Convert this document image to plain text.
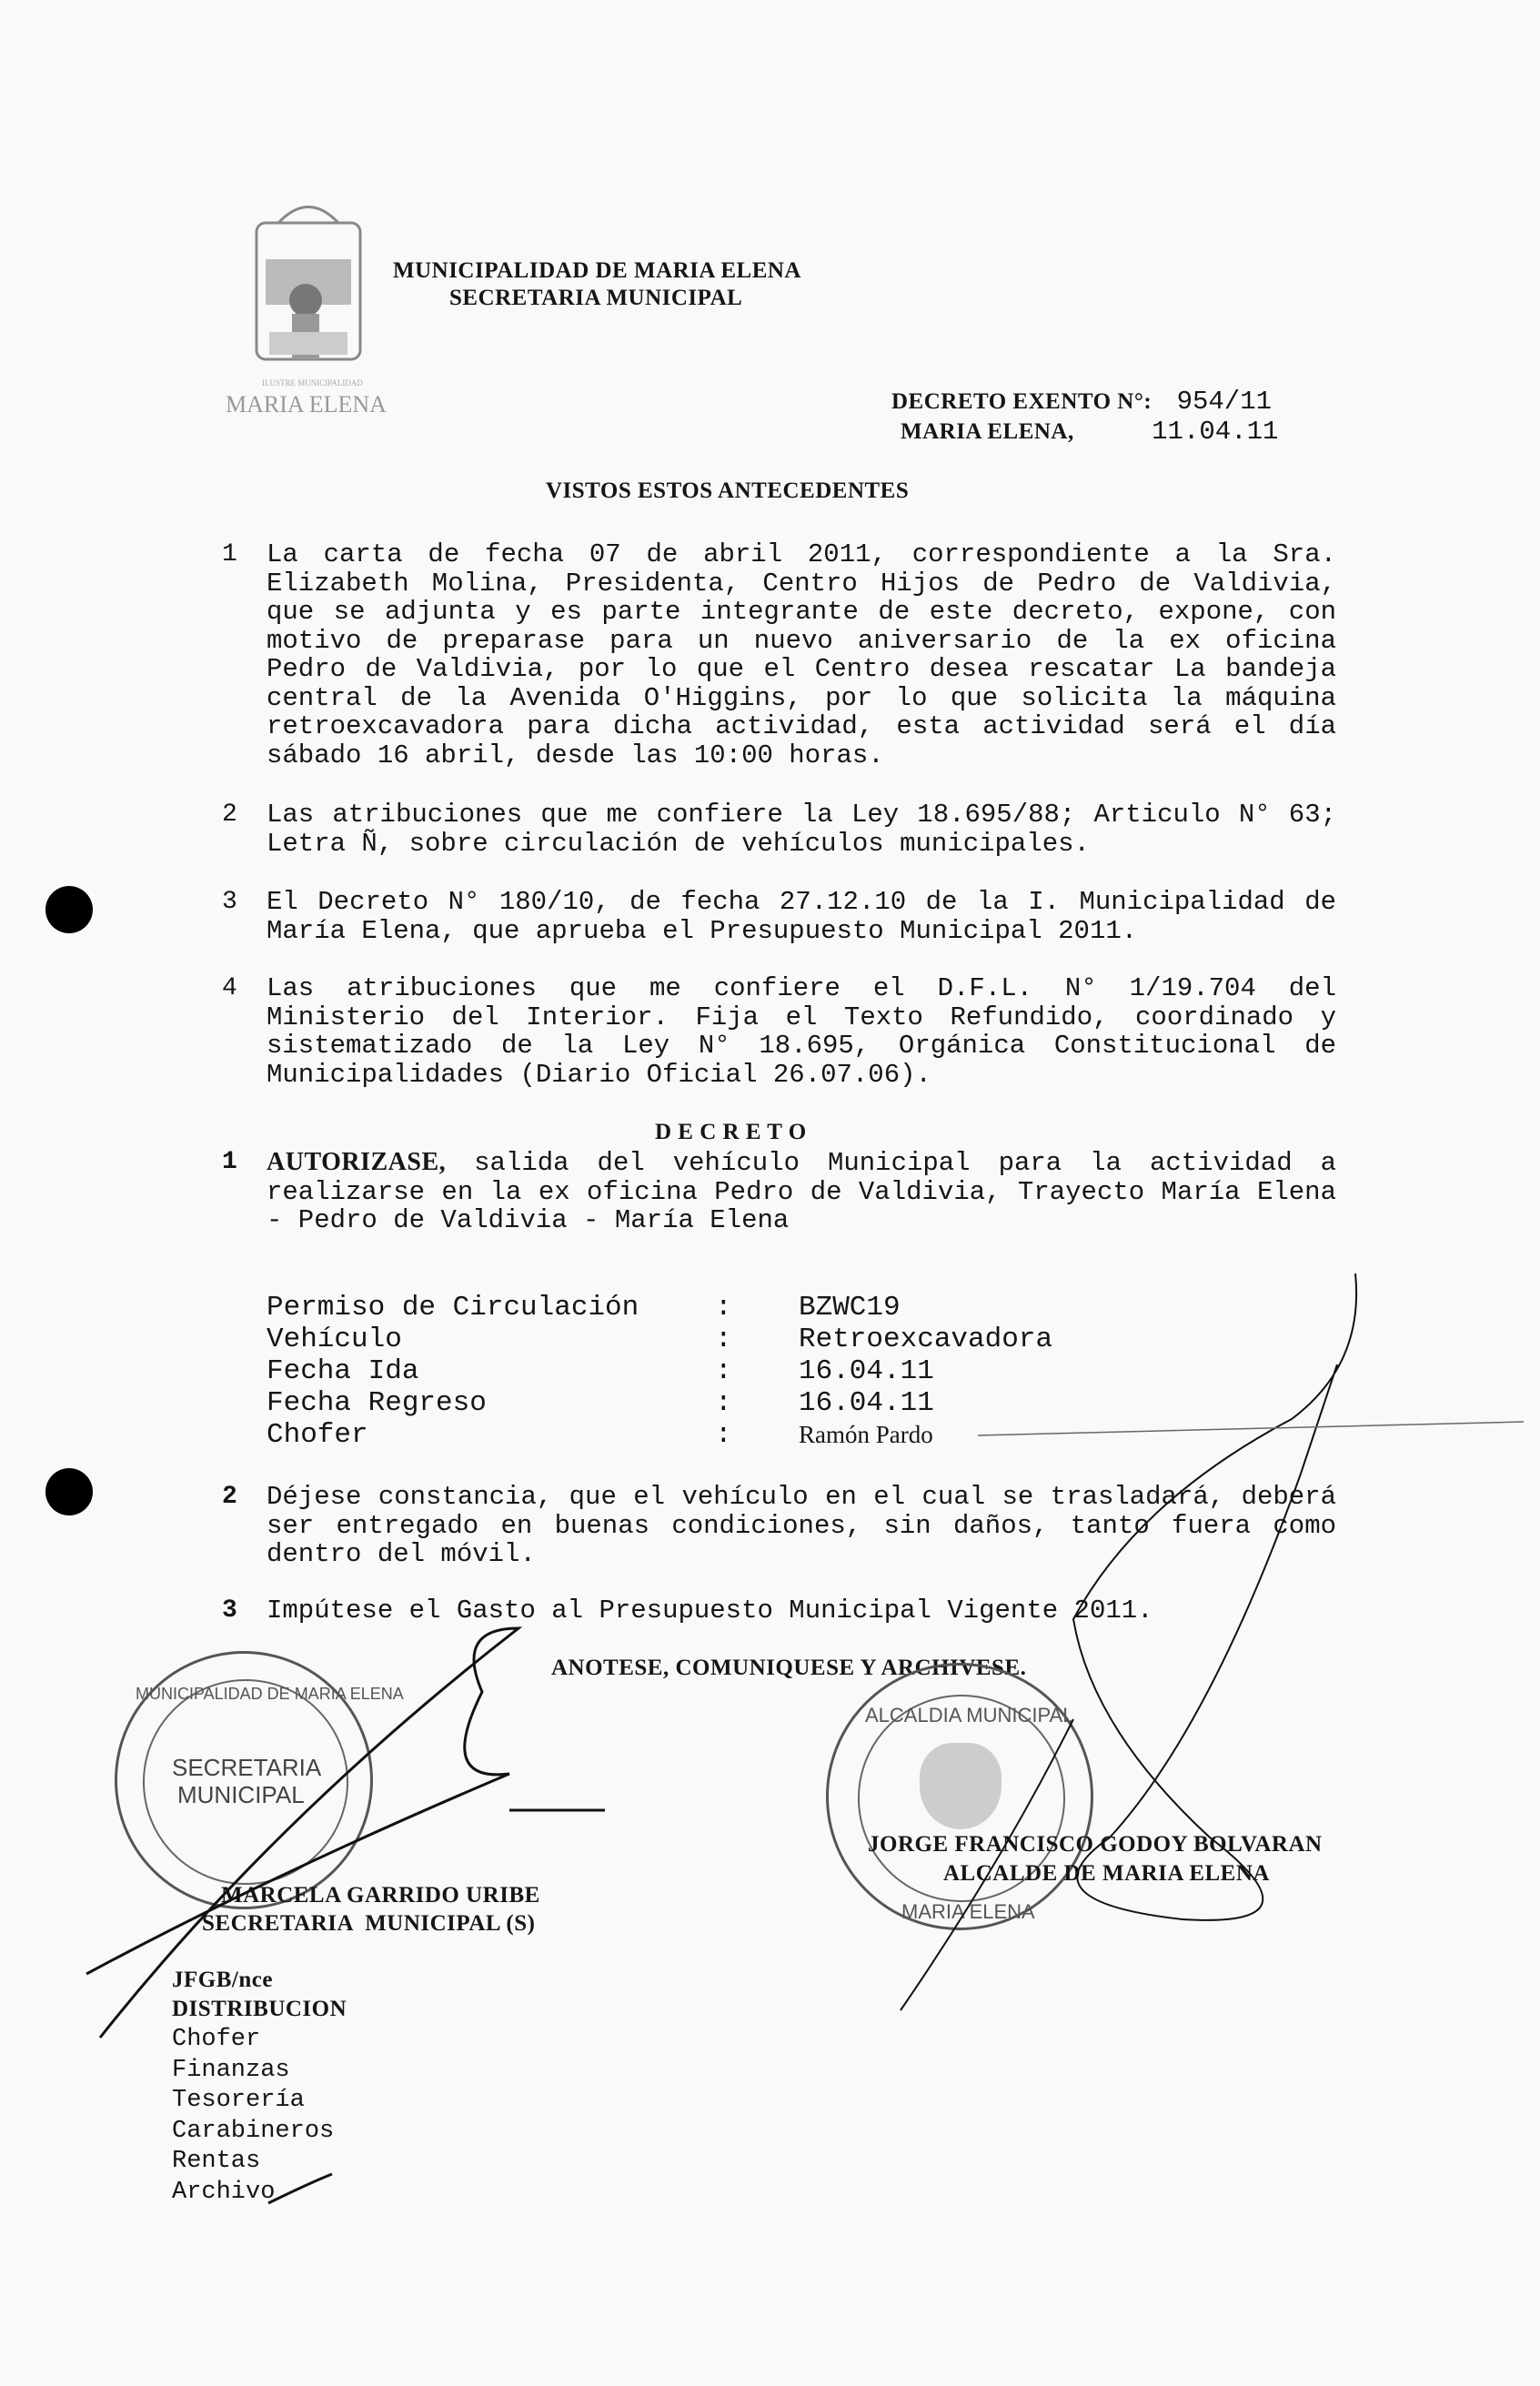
ILUSTRE MUNICIPALIDAD
MARIA ELENA
MUNICIPALIDAD DE MARIA ELENA
SECRETARIA MUNICIPAL
DECRETO EXENTO N°: 954/11
MARIA ELENA,	11.04.11
VISTOS ESTOS ANTECEDENTES
1 La carta de fecha 07 de abril 2011, correspondiente a la Sra. Elizabeth Molina, Presidenta, Centro Hijos de Pedro de Valdivia, que se adjunta y es parte integrante de este decreto, expone, con motivo de preparase para un nuevo aniversario de la ex oficina Pedro de Valdivia, por lo que el Centro desea rescatar La bandeja central de la Avenida O'Higgins, por lo que solicita la máquina retroexcavadora para dicha actividad, esta actividad será el día sábado 16 abril, desde las 10:00 horas.
2 Las atribuciones que me confiere la Ley 18.695/88; Articulo N° 63; Letra Ñ, sobre circulación de vehículos municipales.
3 El Decreto N° 180/10, de fecha 27.12.10 de la I. Municipalidad de María Elena, que aprueba el Presupuesto Municipal 2011.
4 Las atribuciones que me confiere el D.F.L. N° 1/19.704 del Ministerio del Interior. Fija el Texto Refundido, coordinado y sistematizado de la Ley N° 18.695, Orgánica Constitucional de Municipalidades (Diario Oficial 26.07.06).
D E C R E T O
1 AUTORIZASE, salida del vehículo Municipal para la actividad a realizarse en la ex oficina Pedro de Valdivia, Trayecto María Elena - Pedro de Valdivia - María Elena
Permiso de Circulación	: BZWC19
Vehículo	: Retroexcavadora
Fecha Ida	: 16.04.11
Fecha Regreso	: 16.04.11
Chofer	:	Ramón Pardo
2 Déjese constancia, que el vehículo en el cual se trasladará, deberá ser entregado en buenas condiciones, sin daños, tanto fuera como dentro del móvil.
3 Impútese el Gasto al Presupuesto Municipal Vigente 2011.
ANOTESE, COMUNIQUESE Y ARCHIVESE.
MUNICIPALIDAD DE MARIA ELENA
SECRETARIA
MUNICIPAL
ALCALDIA MUNICIPAL
MARIA ELENA
MARCELA GARRIDO URIBE
SECRETARIA  MUNICIPAL (S)
JORGE FRANCISCO GODOY BOLVARAN
ALCALDE DE MARIA ELENA
JFGB/nce
DISTRIBUCION
Chofer
Finanzas
Tesorería
Carabineros
Rentas
Archivo
